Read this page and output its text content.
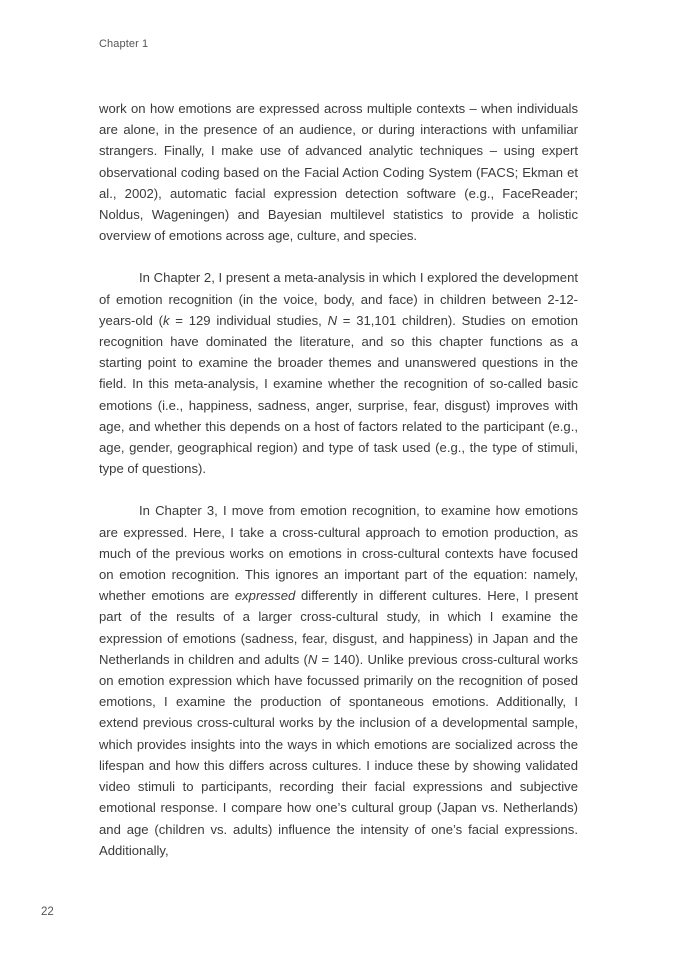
Chapter 1

work on how emotions are expressed across multiple contexts – when individuals are alone, in the presence of an audience, or during interactions with unfamiliar strangers. Finally, I make use of advanced analytic techniques – using expert observational coding based on the Facial Action Coding System (FACS; Ekman et al., 2002), automatic facial expression detection software (e.g., FaceReader; Noldus, Wageningen) and Bayesian multilevel statistics to provide a holistic overview of emotions across age, culture, and species.

In Chapter 2, I present a meta-analysis in which I explored the development of emotion recognition (in the voice, body, and face) in children between 2-12-years-old (k = 129 individual studies, N = 31,101 children). Studies on emotion recognition have dominated the literature, and so this chapter functions as a starting point to examine the broader themes and unanswered questions in the field. In this meta-analysis, I examine whether the recognition of so-called basic emotions (i.e., happiness, sadness, anger, surprise, fear, disgust) improves with age, and whether this depends on a host of factors related to the participant (e.g., age, gender, geographical region) and type of task used (e.g., the type of stimuli, type of questions).

In Chapter 3, I move from emotion recognition, to examine how emotions are expressed. Here, I take a cross-cultural approach to emotion production, as much of the previous works on emotions in cross-cultural contexts have focused on emotion recognition. This ignores an important part of the equation: namely, whether emotions are expressed differently in different cultures. Here, I present part of the results of a larger cross-cultural study, in which I examine the expression of emotions (sadness, fear, disgust, and happiness) in Japan and the Netherlands in children and adults (N = 140). Unlike previous cross-cultural works on emotion expression which have focussed primarily on the recognition of posed emotions, I examine the production of spontaneous emotions. Additionally, I extend previous cross-cultural works by the inclusion of a developmental sample, which provides insights into the ways in which emotions are socialized across the lifespan and how this differs across cultures. I induce these by showing validated video stimuli to participants, recording their facial expressions and subjective emotional response. I compare how one’s cultural group (Japan vs. Netherlands) and age (children vs. adults) influence the intensity of one’s facial expressions. Additionally,

22
